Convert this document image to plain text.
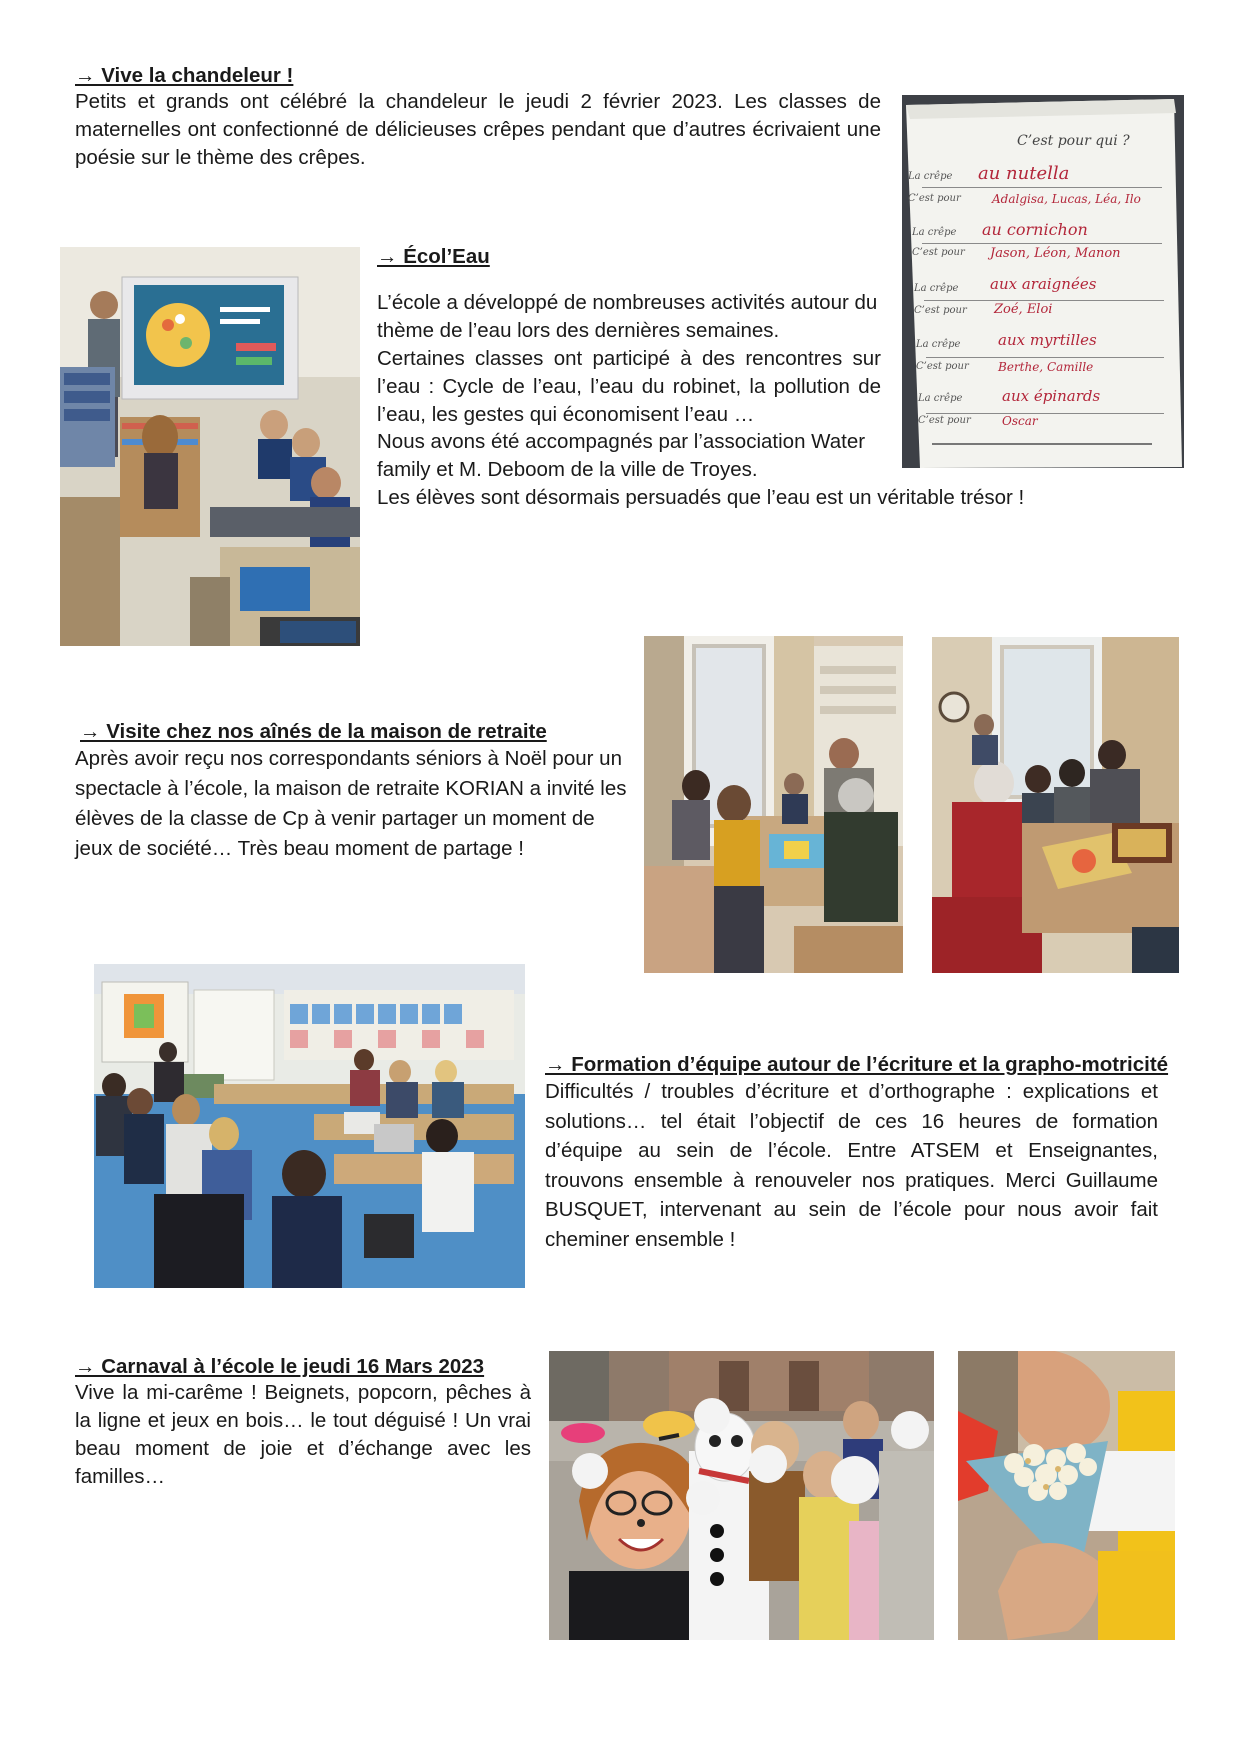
→ Vive la chandeleur !

Petits et grands ont célébré la chandeleur le jeudi 2 février 2023. Les classes de maternelles ont confectionné de délicieuses crêpes pendant que d’autres écrivaient une poésie sur le thème des crêpes.

C’est pour qui ?
La crêpe au nutella
C’est pour	Adalgisa, Lucas, Léa, Ilo
La crêpe au cornichon
C’est pour Jason, Léon, Manon
La crêpe aux araignées
C’est pour Zoé, Eloi
La crêpe	aux myrtilles
C’est pour Berthe, Camille
La crêpe	aux épinards
C’est pour	Oscar
→ Écol’Eau

L’école a développé de nombreuses activités autour du thème de l’eau lors des dernières semaines.

Certaines classes ont participé à des rencontres sur l’eau : Cycle de l’eau, l’eau du robinet, la pollution de l’eau, les gestes qui économisent l’eau …

Nous avons été accompagnés par l’association Water family et M. Deboom de la ville de Troyes.

Les élèves sont désormais persuadés que l’eau est un véritable trésor !

→ Visite chez nos aînés de la maison de retraite

Après avoir reçu nos correspondants séniors à Noël pour un spectacle à l’école, la maison de retraite KORIAN a invité les élèves de la classe de Cp à venir partager un moment de jeux de société… Très beau moment de partage !

→ Formation d’équipe autour de l’écriture et la grapho-motricité

Difficultés / troubles d’écriture et d’orthographe : explications et solutions… tel était l’objectif de ces 16 heures de formation d’équipe au sein de l’école. Entre ATSEM et Enseignantes, trouvons ensemble à renouveler nos pratiques. Merci Guillaume BUSQUET, intervenant au sein de l’école pour nous avoir fait cheminer ensemble !

→ Carnaval à l’école le jeudi 16 Mars 2023

Vive la mi-carême ! Beignets, popcorn, pêches à la ligne et jeux en bois… le tout déguisé ! Un vrai beau moment de joie et d’échange avec les familles…
